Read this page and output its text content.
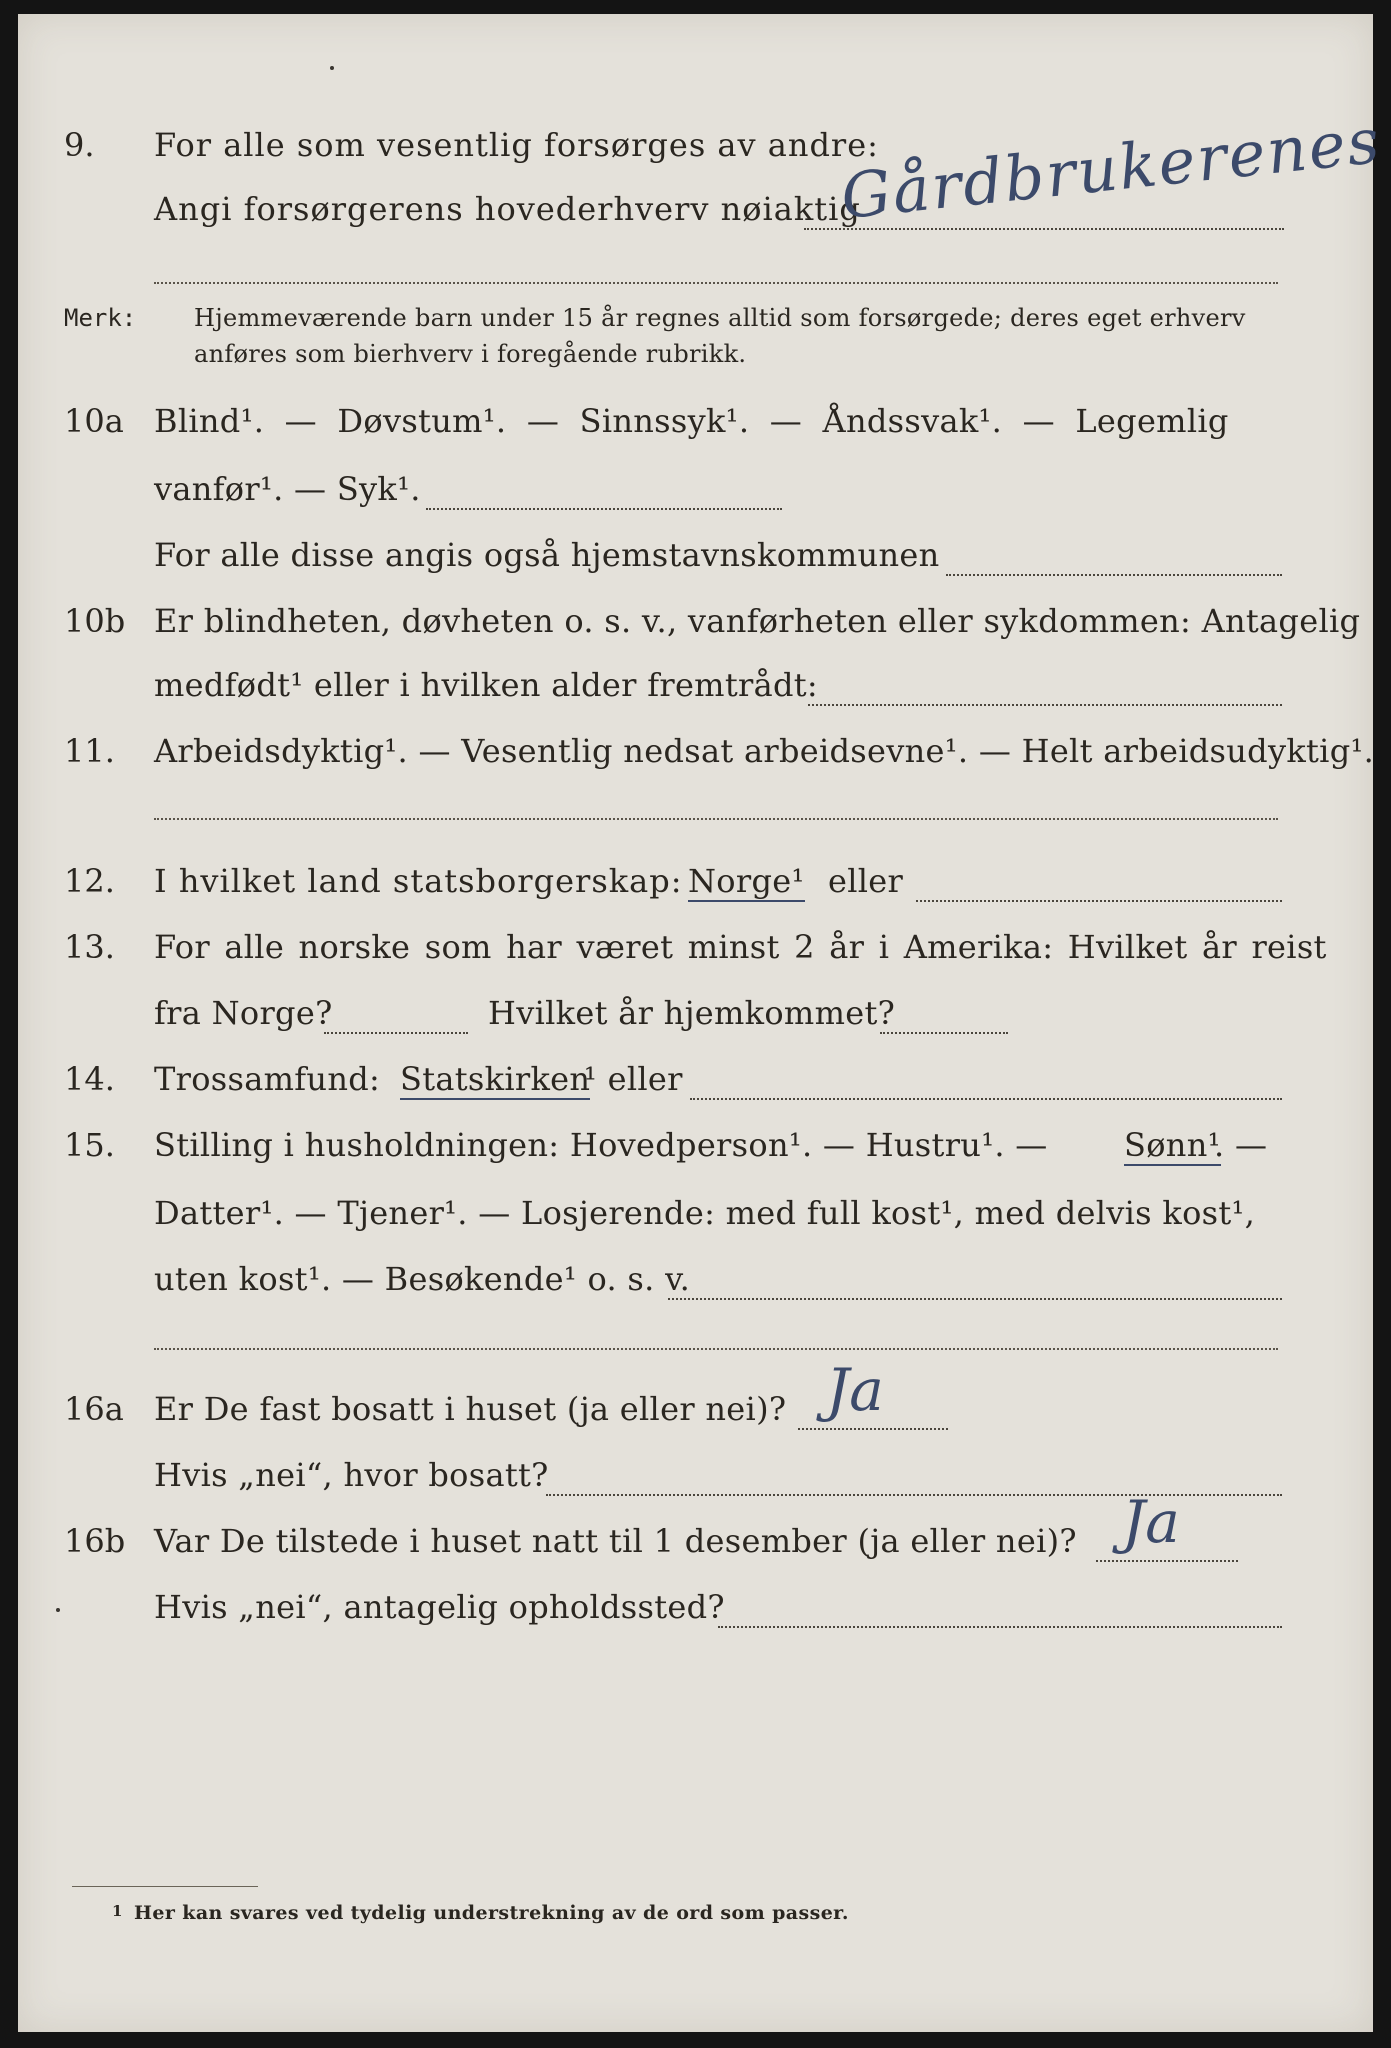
9. For alle som vesentlig forsørges av andre:
Angi forsørgerens hovederhverv nøiaktig
Gårdbrukerenes
Merk: Hjemmeværende barn under 15 år regnes alltid som forsørgede; deres eget erhverv
anføres som bierhverv i foregående rubrikk.
10a Blind¹. — Døvstum¹. — Sinnssyk¹. — Åndssvak¹. — Legemlig
vanfør¹. — Syk¹.
For alle disse angis også hjemstavnskommunen
10b Er blindheten, døvheten o. s. v., vanførheten eller sykdommen: Antagelig
medfødt¹ eller i hvilken alder fremtrådt:
11. Arbeidsdyktig¹. — Vesentlig nedsat arbeidsevne¹. — Helt arbeidsudyktig¹.
12. I hvilket land statsborgerskap: Norge¹ eller
13. For alle norske som har været minst 2 år i Amerika: Hvilket år reist
fra Norge?	Hvilket år hjemkommet?
14. Trossamfund: Statskirken
¹ eller
15. Stilling i husholdningen: Hovedperson¹. — Hustru¹. — Sønn¹
. —
Datter¹. — Tjener¹. — Losjerende: med full kost¹, med delvis kost¹,
uten kost¹. — Besøkende¹ o. s. v.
16a Er De fast bosatt i huset (ja eller nei)? Ja
Hvis „nei“, hvor bosatt?
16b Var De tilstede i huset natt til 1 desember (ja eller nei)? Ja
Hvis „nei“, antagelig opholdssted?
1 Her kan svares ved tydelig understrekning av de ord som passer.
